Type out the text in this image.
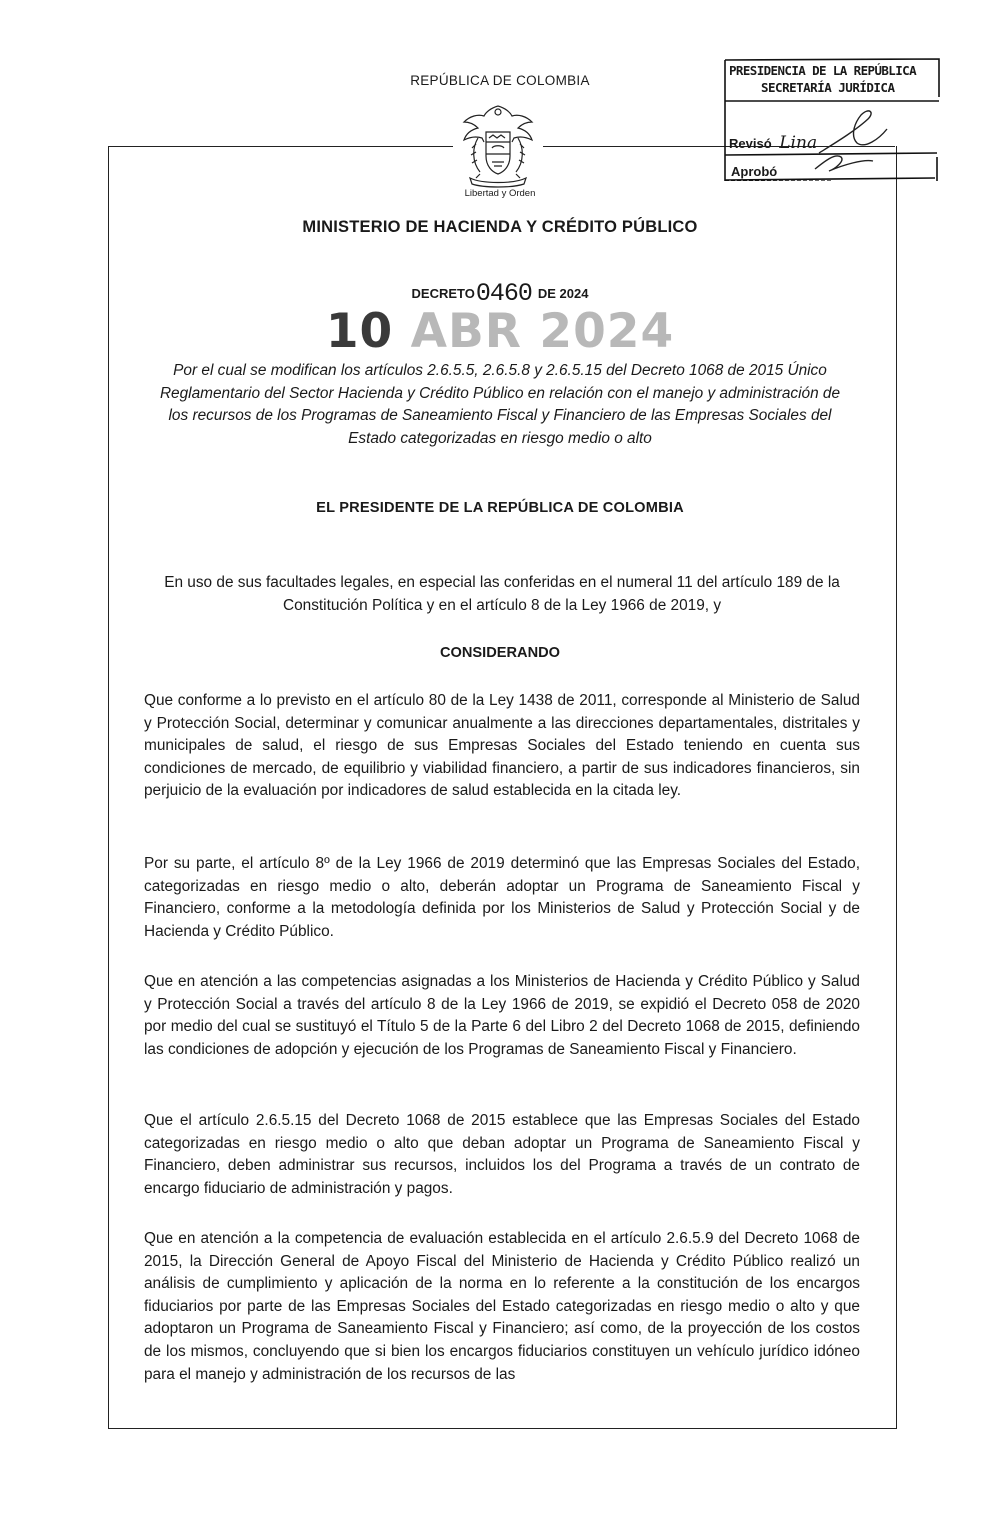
REPÚBLICA DE COLOMBIA
Libertad y Orden
PRESIDENCIA DE LA REPÚBLICA
SECRETARÍA JURÍDICA
Revisó Lina
Aprobó
MINISTERIO DE HACIENDA Y CRÉDITO PÚBLICO
DECRETO0460 DE 2024
10 ABR 2024
Por el cual se modifican los artículos 2.6.5.5, 2.6.5.8 y 2.6.5.15 del Decreto 1068 de 2015 Único Reglamentario del Sector Hacienda y Crédito Público en relación con el manejo y administración de los recursos de los Programas de Saneamiento Fiscal y Financiero de las Empresas Sociales del Estado categorizadas en riesgo medio o alto
EL PRESIDENTE DE LA REPÚBLICA DE COLOMBIA
En uso de sus facultades legales, en especial las conferidas en el numeral 11 del artículo 189 de la Constitución Política y en el artículo 8 de la Ley 1966 de 2019, y
CONSIDERANDO

Que conforme a lo previsto en el artículo 80 de la Ley 1438 de 2011, corresponde al Ministerio de Salud y Protección Social, determinar y comunicar anualmente a las direcciones departamentales, distritales y municipales de salud, el riesgo de sus Empresas Sociales del Estado teniendo en cuenta sus condiciones de mercado, de equilibrio y viabilidad financiero, a partir de sus indicadores financieros, sin perjuicio de la evaluación por indicadores de salud establecida en la citada ley.

Por su parte, el artículo 8º de la Ley 1966 de 2019 determinó que las Empresas Sociales del Estado, categorizadas en riesgo medio o alto, deberán adoptar un Programa de Saneamiento Fiscal y Financiero, conforme a la metodología definida por los Ministerios de Salud y Protección Social y de Hacienda y Crédito Público.

Que en atención a las competencias asignadas a los Ministerios de Hacienda y Crédito Público y Salud y Protección Social a través del artículo 8 de la Ley 1966 de 2019, se expidió el Decreto 058 de 2020 por medio del cual se sustituyó el Título 5 de la Parte 6 del Libro 2 del Decreto 1068 de 2015, definiendo las condiciones de adopción y ejecución de los Programas de Saneamiento Fiscal y Financiero.

Que el artículo 2.6.5.15 del Decreto 1068 de 2015 establece que las Empresas Sociales del Estado categorizadas en riesgo medio o alto que deban adoptar un Programa de Saneamiento Fiscal y Financiero, deben administrar sus recursos, incluidos los del Programa a través de un contrato de encargo fiduciario de administración y pagos.

Que en atención a la competencia de evaluación establecida en el artículo 2.6.5.9 del Decreto 1068 de 2015, la Dirección General de Apoyo Fiscal del Ministerio de Hacienda y Crédito Público realizó un análisis de cumplimiento y aplicación de la norma en lo referente a la constitución de los encargos fiduciarios por parte de las Empresas Sociales del Estado categorizadas en riesgo medio o alto y que adoptaron un Programa de Saneamiento Fiscal y Financiero; así como, de la proyección de los costos de los mismos, concluyendo que si bien los encargos fiduciarios constituyen un vehículo jurídico idóneo para el manejo y administración de los recursos de las
